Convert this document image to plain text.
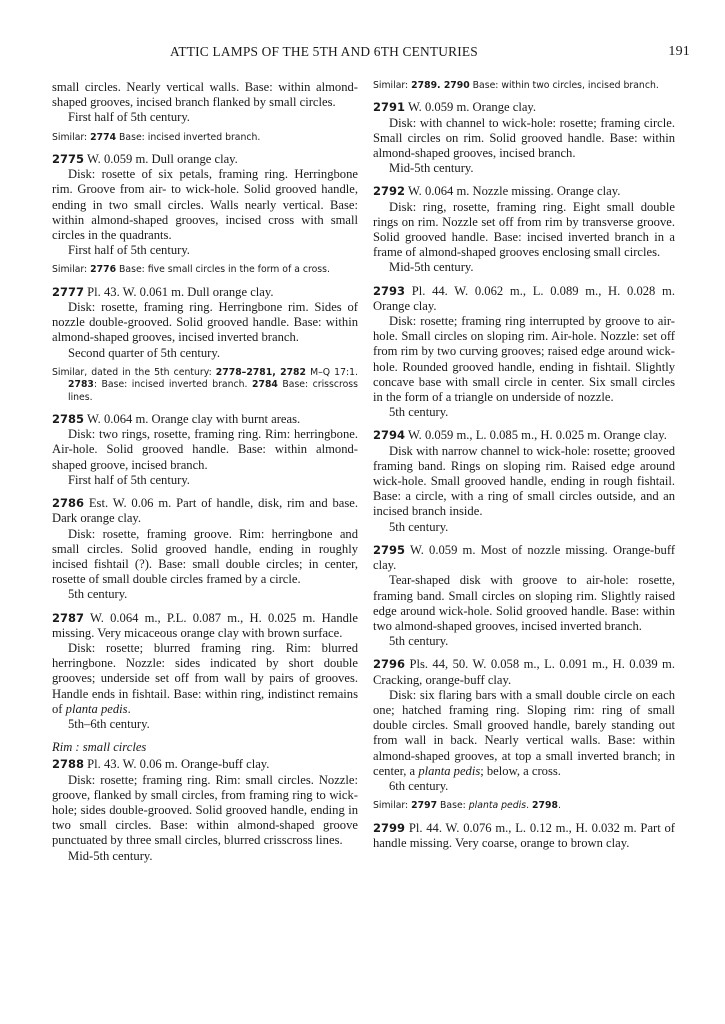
ATTIC LAMPS OF THE 5TH AND 6TH CENTURIES	191

small circles. Nearly vertical walls. Base: within almond-shaped grooves, incised branch flanked by small circles.

First half of 5th century.

Similar: 2774 Base: incised inverted branch.

2775 W. 0.059 m. Dull orange clay.

Disk: rosette of six petals, framing ring. Herringbone rim. Groove from air- to wick-hole. Solid grooved handle, ending in two small circles. Walls nearly vertical. Base: within almond-shaped grooves, incised cross with small circles in the quadrants.

First half of 5th century.

Similar: 2776 Base: five small circles in the form of a cross.

2777 Pl. 43. W. 0.061 m. Dull orange clay.

Disk: rosette, framing ring. Herringbone rim. Sides of nozzle double-grooved. Solid grooved handle. Base: within almond-shaped grooves, incised inverted branch.

Second quarter of 5th century.

Similar, dated in the 5th century: 2778–2781, 2782 M–Q 17:1. 2783: Base: incised inverted branch. 2784 Base: crisscross lines.

2785 W. 0.064 m. Orange clay with burnt areas.

Disk: two rings, rosette, framing ring. Rim: herringbone. Air-hole. Solid grooved handle. Base: within almond-shaped groove, incised branch.

First half of 5th century.

2786 Est. W. 0.06 m. Part of handle, disk, rim and base. Dark orange clay.

Disk: rosette, framing groove. Rim: herringbone and small circles. Solid grooved handle, ending in roughly incised fishtail (?). Base: small double circles; in center, rosette of small double circles framed by a circle.

5th century.

2787 W. 0.064 m., P.L. 0.087 m., H. 0.025 m. Handle missing. Very micaceous orange clay with brown surface.

Disk: rosette; blurred framing ring. Rim: blurred herringbone. Nozzle: sides indicated by short double grooves; underside set off from wall by pairs of grooves. Handle ends in fishtail. Base: within ring, indistinct remains of planta pedis.

5th–6th century.

Rim : small circles

2788 Pl. 43. W. 0.06 m. Orange-buff clay.

Disk: rosette; framing ring. Rim: small circles. Nozzle: groove, flanked by small circles, from framing ring to wick-hole; sides double-grooved. Solid grooved handle, ending in two small circles. Base: within almond-shaped groove punctuated by three small circles, blurred crisscross lines.

Mid-5th century.

Similar: 2789. 2790 Base: within two circles, incised branch.

2791 W. 0.059 m. Orange clay.

Disk: with channel to wick-hole: rosette; framing circle. Small circles on rim. Solid grooved handle. Base: within almond-shaped grooves, incised branch.

Mid-5th century.

2792 W. 0.064 m. Nozzle missing. Orange clay.

Disk: ring, rosette, framing ring. Eight small double rings on rim. Nozzle set off from rim by transverse groove. Solid grooved handle. Base: incised inverted branch in a frame of almond-shaped grooves enclosing small circles.

Mid-5th century.

2793 Pl. 44. W. 0.062 m., L. 0.089 m., H. 0.028 m. Orange clay.

Disk: rosette; framing ring interrupted by groove to air-hole. Small circles on sloping rim. Air-hole. Nozzle: set off from rim by two curving grooves; raised edge around wick-hole. Rounded grooved handle, ending in fishtail. Slightly concave base with small circle in center. Six small circles in the form of a triangle on underside of nozzle.

5th century.

2794 W. 0.059 m., L. 0.085 m., H. 0.025 m. Orange clay.

Disk with narrow channel to wick-hole: rosette; grooved framing band. Rings on sloping rim. Raised edge around wick-hole. Small grooved handle, ending in rough fishtail. Base: a circle, with a ring of small circles outside, and an incised branch inside.

5th century.

2795 W. 0.059 m. Most of nozzle missing. Orange-buff clay.

Tear-shaped disk with groove to air-hole: rosette, framing band. Small circles on sloping rim. Slightly raised edge around wick-hole. Solid grooved handle. Base: within two almond-shaped grooves, incised inverted branch.

5th century.

2796 Pls. 44, 50. W. 0.058 m., L. 0.091 m., H. 0.039 m. Cracking, orange-buff clay.

Disk: six flaring bars with a small double circle on each one; hatched framing ring. Sloping rim: ring of small double circles. Small grooved handle, barely standing out from wall in back. Nearly vertical walls. Base: within almond-shaped grooves, at top a small inverted branch; in center, a planta pedis; below, a cross.

6th century.

Similar: 2797 Base: planta pedis. 2798.

2799 Pl. 44. W. 0.076 m., L. 0.12 m., H. 0.032 m. Part of handle missing. Very coarse, orange to brown clay.
